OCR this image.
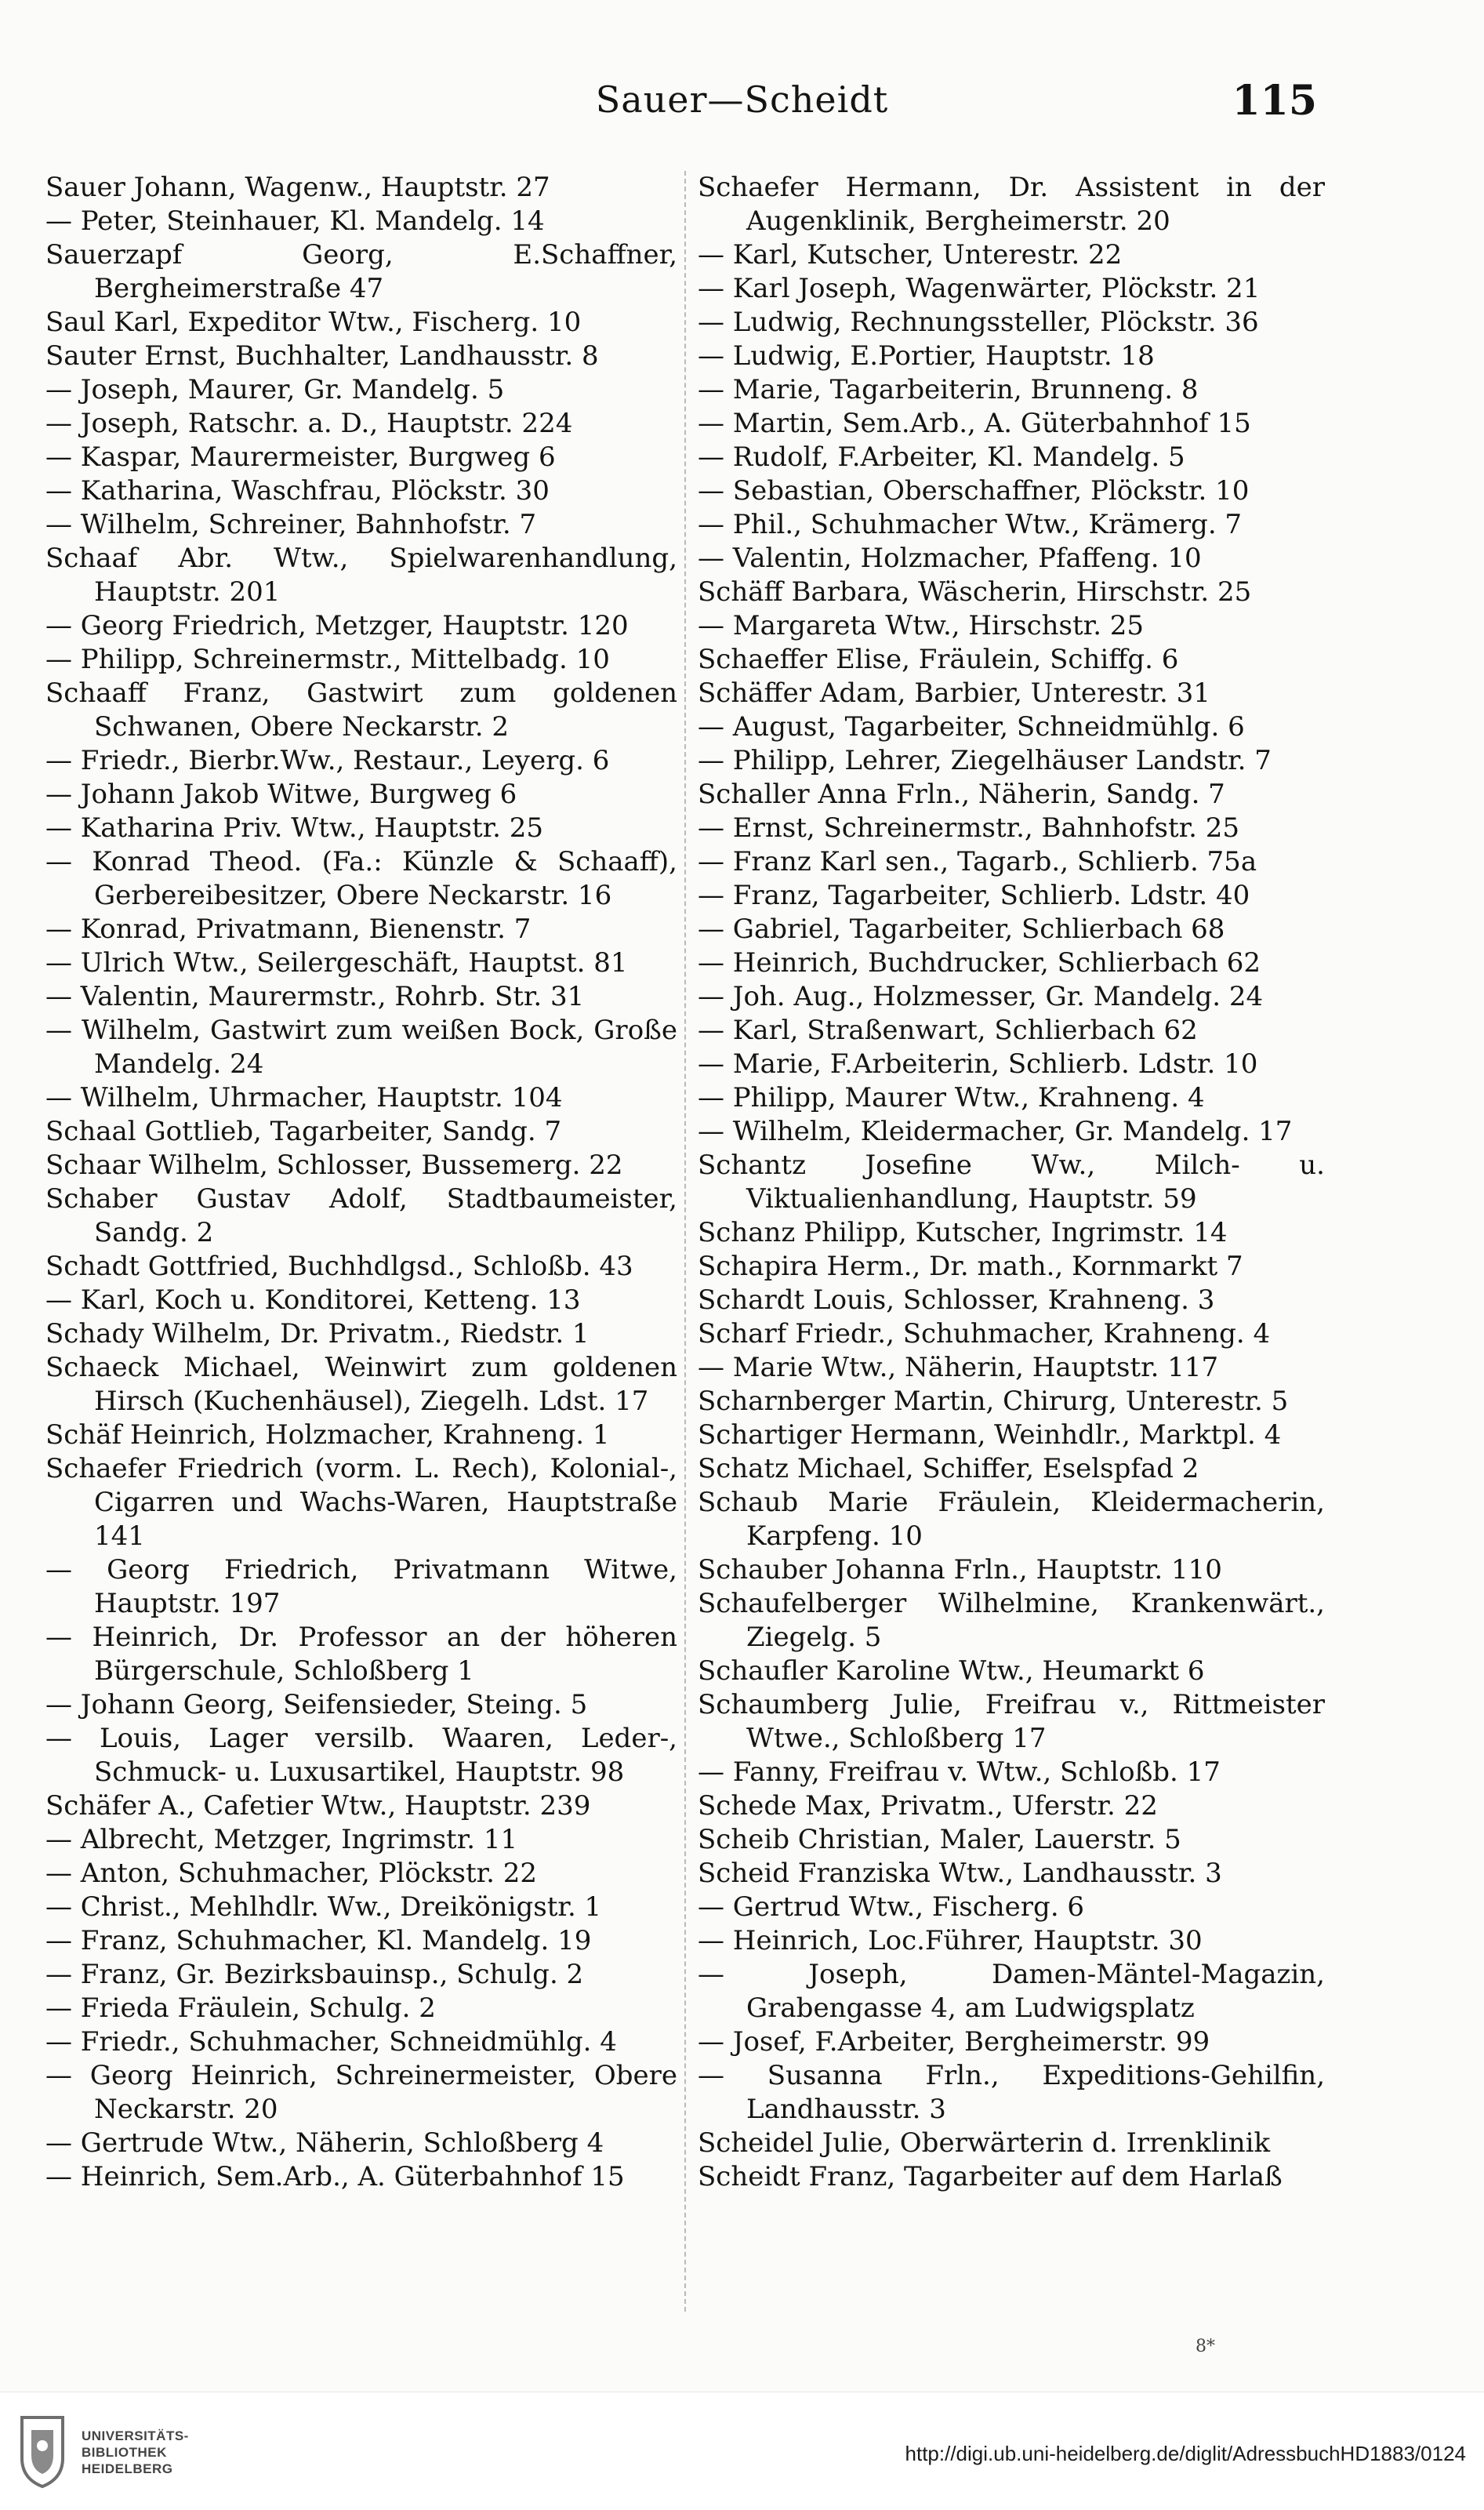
Sauer—Scheidt	115
Sauer Johann, Wagenw., Hauptstr. 27
— Peter, Steinhauer, Kl. Mandelg. 14
Sauerzapf Georg, E.Schaffner, Bergheimerstraße 47
Saul Karl, Expeditor Wtw., Fischerg. 10
Sauter Ernst, Buchhalter, Landhausstr. 8
— Joseph, Maurer, Gr. Mandelg. 5
— Joseph, Ratschr. a. D., Hauptstr. 224
— Kaspar, Maurermeister, Burgweg 6
— Katharina, Waschfrau, Plöckstr. 30
— Wilhelm, Schreiner, Bahnhofstr. 7
Schaaf Abr. Wtw., Spielwarenhandlung, Hauptstr. 201
— Georg Friedrich, Metzger, Hauptstr. 120
— Philipp, Schreinermstr., Mittelbadg. 10
Schaaff Franz, Gastwirt zum goldenen Schwanen, Obere Neckarstr. 2
— Friedr., Bierbr.Ww., Restaur., Leyerg. 6
— Johann Jakob Witwe, Burgweg 6
— Katharina Priv. Wtw., Hauptstr. 25
— Konrad Theod. (Fa.: Künzle & Schaaff), Gerbereibesitzer, Obere Neckarstr. 16
— Konrad, Privatmann, Bienenstr. 7
— Ulrich Wtw., Seilergeschäft, Hauptst. 81
— Valentin, Maurermstr., Rohrb. Str. 31
— Wilhelm, Gastwirt zum weißen Bock, Große Mandelg. 24
— Wilhelm, Uhrmacher, Hauptstr. 104
Schaal Gottlieb, Tagarbeiter, Sandg. 7
Schaar Wilhelm, Schlosser, Bussemerg. 22
Schaber Gustav Adolf, Stadtbaumeister, Sandg. 2
Schadt Gottfried, Buchhdlgsd., Schloßb. 43
— Karl, Koch u. Konditorei, Ketteng. 13
Schady Wilhelm, Dr. Privatm., Riedstr. 1
Schaeck Michael, Weinwirt zum goldenen Hirsch (Kuchenhäusel), Ziegelh. Ldst. 17
Schäf Heinrich, Holzmacher, Krahneng. 1
Schaefer Friedrich (vorm. L. Rech), Kolonial-, Cigarren und Wachs-Waren, Hauptstraße 141
— Georg Friedrich, Privatmann Witwe, Hauptstr. 197
— Heinrich, Dr. Professor an der höheren Bürgerschule, Schloßberg 1
— Johann Georg, Seifensieder, Steing. 5
— Louis, Lager versilb. Waaren, Leder-, Schmuck- u. Luxusartikel, Hauptstr. 98
Schäfer A., Cafetier Wtw., Hauptstr. 239
— Albrecht, Metzger, Ingrimstr. 11
— Anton, Schuhmacher, Plöckstr. 22
— Christ., Mehlhdlr. Ww., Dreikönigstr. 1
— Franz, Schuhmacher, Kl. Mandelg. 19
— Franz, Gr. Bezirksbauinsp., Schulg. 2
— Frieda Fräulein, Schulg. 2
— Friedr., Schuhmacher, Schneidmühlg. 4
— Georg Heinrich, Schreinermeister, Obere Neckarstr. 20
— Gertrude Wtw., Näherin, Schloßberg 4
— Heinrich, Sem.Arb., A. Güterbahnhof 15
Schaefer Hermann, Dr. Assistent in der Augenklinik, Bergheimerstr. 20
— Karl, Kutscher, Unterestr. 22
— Karl Joseph, Wagenwärter, Plöckstr. 21
— Ludwig, Rechnungssteller, Plöckstr. 36
— Ludwig, E.Portier, Hauptstr. 18
— Marie, Tagarbeiterin, Brunneng. 8
— Martin, Sem.Arb., A. Güterbahnhof 15
— Rudolf, F.Arbeiter, Kl. Mandelg. 5
— Sebastian, Oberschaffner, Plöckstr. 10
— Phil., Schuhmacher Wtw., Krämerg. 7
— Valentin, Holzmacher, Pfaffeng. 10
Schäff Barbara, Wäscherin, Hirschstr. 25
— Margareta Wtw., Hirschstr. 25
Schaeffer Elise, Fräulein, Schiffg. 6
Schäffer Adam, Barbier, Unterestr. 31
— August, Tagarbeiter, Schneidmühlg. 6
— Philipp, Lehrer, Ziegelhäuser Landstr. 7
Schaller Anna Frln., Näherin, Sandg. 7
— Ernst, Schreinermstr., Bahnhofstr. 25
— Franz Karl sen., Tagarb., Schlierb. 75a
— Franz, Tagarbeiter, Schlierb. Ldstr. 40
— Gabriel, Tagarbeiter, Schlierbach 68
— Heinrich, Buchdrucker, Schlierbach 62
— Joh. Aug., Holzmesser, Gr. Mandelg. 24
— Karl, Straßenwart, Schlierbach 62
— Marie, F.Arbeiterin, Schlierb. Ldstr. 10
— Philipp, Maurer Wtw., Krahneng. 4
— Wilhelm, Kleidermacher, Gr. Mandelg. 17
Schantz Josefine Ww., Milch- u. Viktualienhandlung, Hauptstr. 59
Schanz Philipp, Kutscher, Ingrimstr. 14
Schapira Herm., Dr. math., Kornmarkt 7
Schardt Louis, Schlosser, Krahneng. 3
Scharf Friedr., Schuhmacher, Krahneng. 4
— Marie Wtw., Näherin, Hauptstr. 117
Scharnberger Martin, Chirurg, Unterestr. 5
Schartiger Hermann, Weinhdlr., Marktpl. 4
Schatz Michael, Schiffer, Eselspfad 2
Schaub Marie Fräulein, Kleidermacherin, Karpfeng. 10
Schauber Johanna Frln., Hauptstr. 110
Schaufelberger Wilhelmine, Krankenwärt., Ziegelg. 5
Schaufler Karoline Wtw., Heumarkt 6
Schaumberg Julie, Freifrau v., Rittmeister Wtwe., Schloßberg 17
— Fanny, Freifrau v. Wtw., Schloßb. 17
Schede Max, Privatm., Uferstr. 22
Scheib Christian, Maler, Lauerstr. 5
Scheid Franziska Wtw., Landhausstr. 3
— Gertrud Wtw., Fischerg. 6
— Heinrich, Loc.Führer, Hauptstr. 30
— Joseph, Damen-Mäntel-Magazin, Grabengasse 4, am Ludwigsplatz
— Josef, F.Arbeiter, Bergheimerstr. 99
— Susanna Frln., Expeditions-Gehilfin, Landhausstr. 3
Scheidel Julie, Oberwärterin d. Irrenklinik
Scheidt Franz, Tagarbeiter auf dem Harlaß
8*
UNIVERSITÄTS-
BIBLIOTHEK
HEIDELBERG
http://digi.ub.uni-heidelberg.de/diglit/AdressbuchHD1883/0124
